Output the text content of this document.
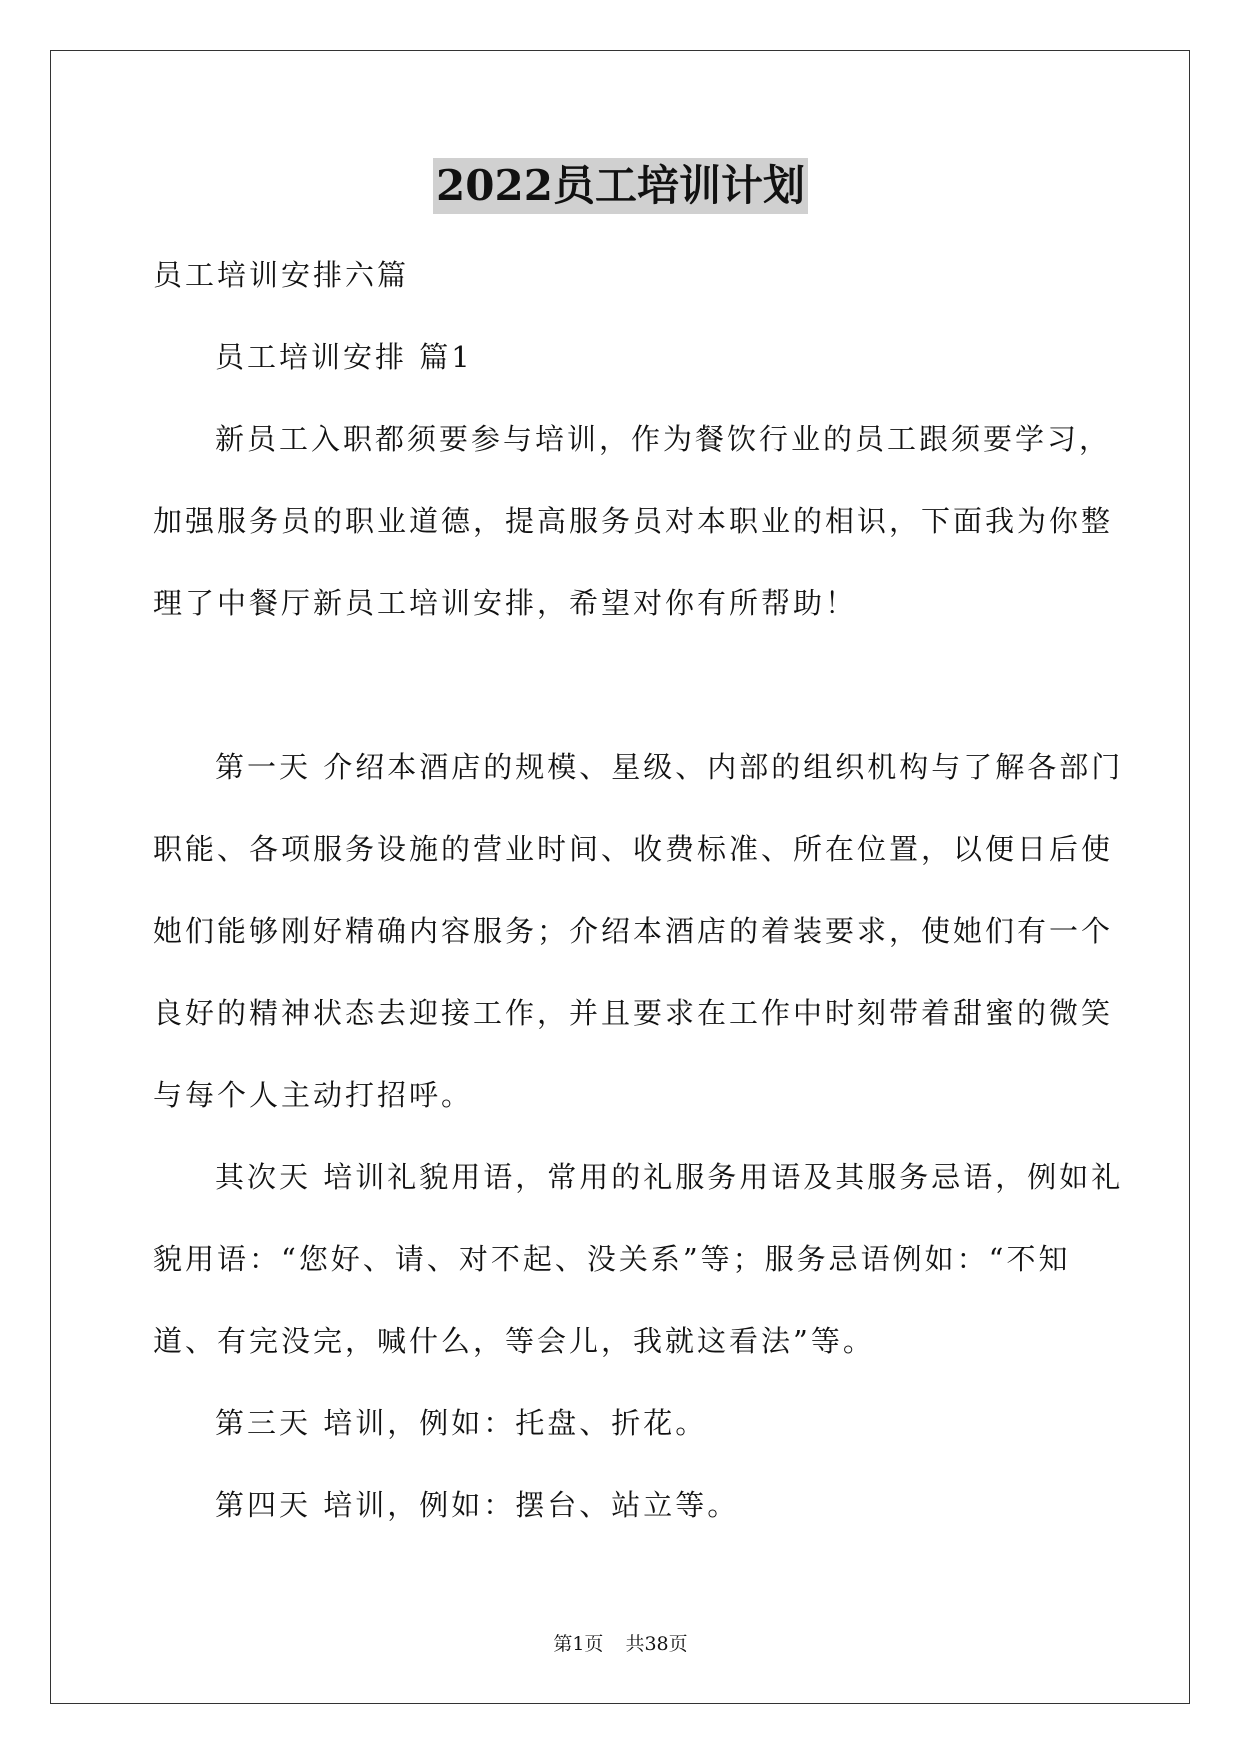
2022员工培训计划
员工培训安排六篇
员工培训安排 篇1
新员工入职都须要参与培训，作为餐饮行业的员工跟须要学习，
加强服务员的职业道德，提高服务员对本职业的相识，下面我为你整
理了中餐厅新员工培训安排，希望对你有所帮助！
第一天 介绍本酒店的规模、星级、内部的组织机构与了解各部门
职能、各项服务设施的营业时间、收费标准、所在位置，以便日后使
她们能够刚好精确内容服务；介绍本酒店的着装要求，使她们有一个
良好的精神状态去迎接工作，并且要求在工作中时刻带着甜蜜的微笑
与每个人主动打招呼。
其次天 培训礼貌用语，常用的礼服务用语及其服务忌语，例如礼
貌用语：“您好、请、对不起、没关系”等；服务忌语例如：“不知
道、有完没完，喊什么，等会儿，我就这看法”等。
第三天 培训，例如：托盘、折花。
第四天 培训，例如：摆台、站立等。
第1页 共38页
